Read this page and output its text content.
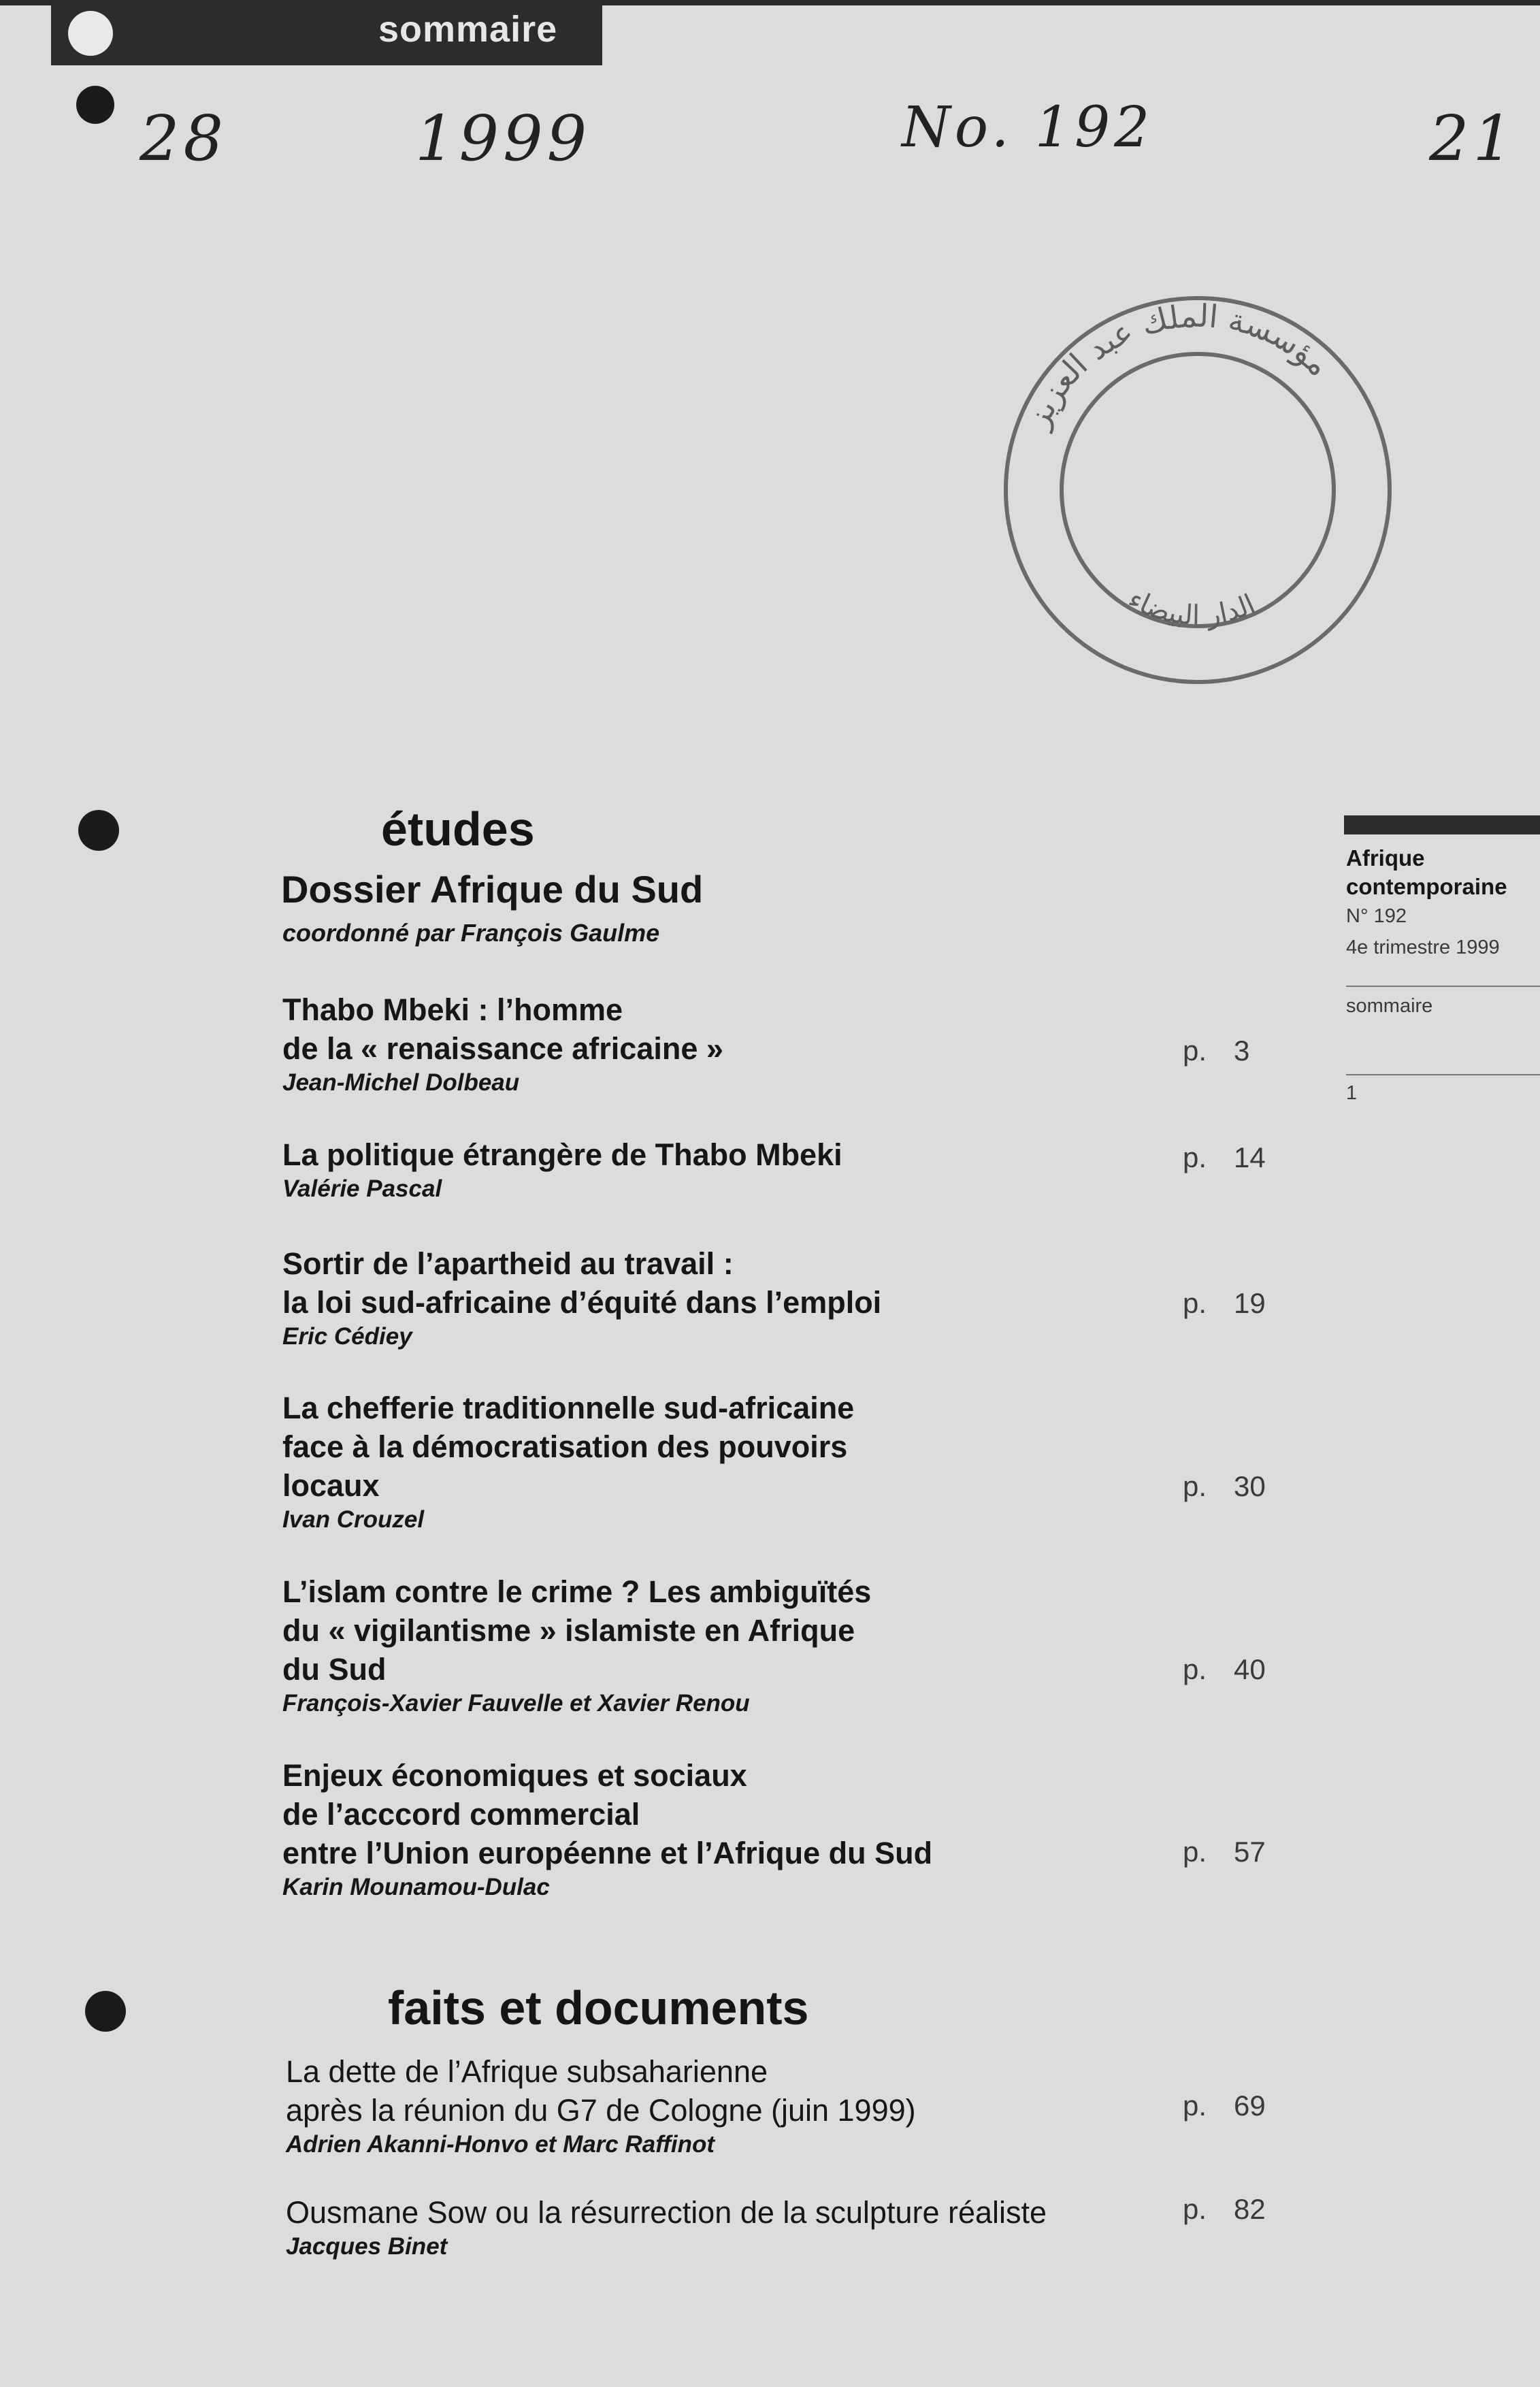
sommaire
28	1999	No. 192	21
مؤسسة الملك عبد العزيز
الدار البيضاء
Afrique
contemporaine
N° 192
4e trimestre 1999
sommaire
1
études
Dossier Afrique du Sud
coordonné par François Gaulme
Thabo Mbeki : l’homme
de la « renaissance africaine »
Jean-Michel Dolbeau
p. 3
La politique étrangère de Thabo Mbeki
Valérie Pascal
p. 14
Sortir de l’apartheid au travail :
la loi sud-africaine d’équité dans l’emploi
Eric Cédiey
p. 19
La chefferie traditionnelle sud-africaine
face à la démocratisation des pouvoirs
locaux
Ivan Crouzel
p. 30
L’islam contre le crime ? Les ambiguïtés
du « vigilantisme » islamiste en Afrique
du Sud
François-Xavier Fauvelle et Xavier Renou
p. 40
Enjeux économiques et sociaux
de l’acccord commercial
entre l’Union européenne et l’Afrique du Sud
Karin Mounamou-Dulac
p. 57
faits et documents
La dette de l’Afrique subsaharienne
après la réunion du G7 de Cologne (juin 1999)
Adrien Akanni-Honvo et Marc Raffinot
p. 69
Ousmane Sow ou la résurrection de la sculpture réaliste
Jacques Binet
p. 82
